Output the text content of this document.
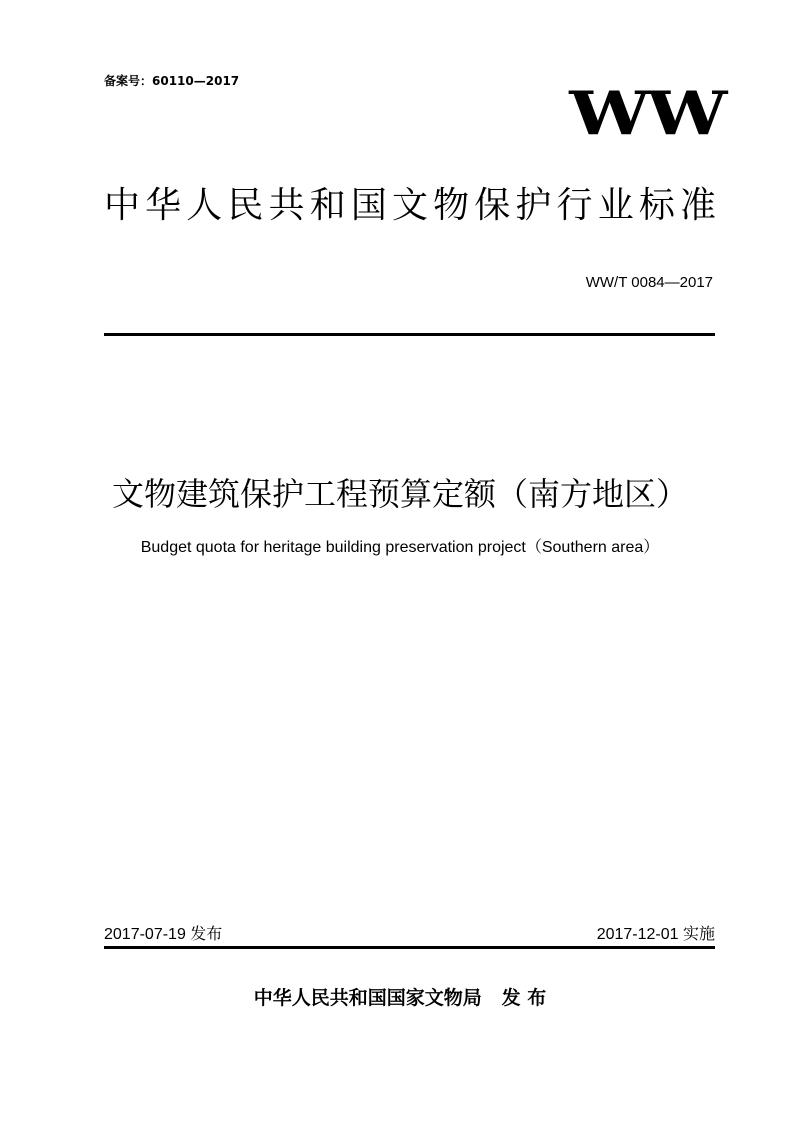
备案号：60110—2017	WW
中华人民共和国文物保护行业标准
WW/T 0084—2017
文物建筑保护工程预算定额（南方地区）
Budget quota for heritage building preservation project（Southern area）
2017-07-19 发布	2017-12-01 实施
中华人民共和国国家文物局   发 布
